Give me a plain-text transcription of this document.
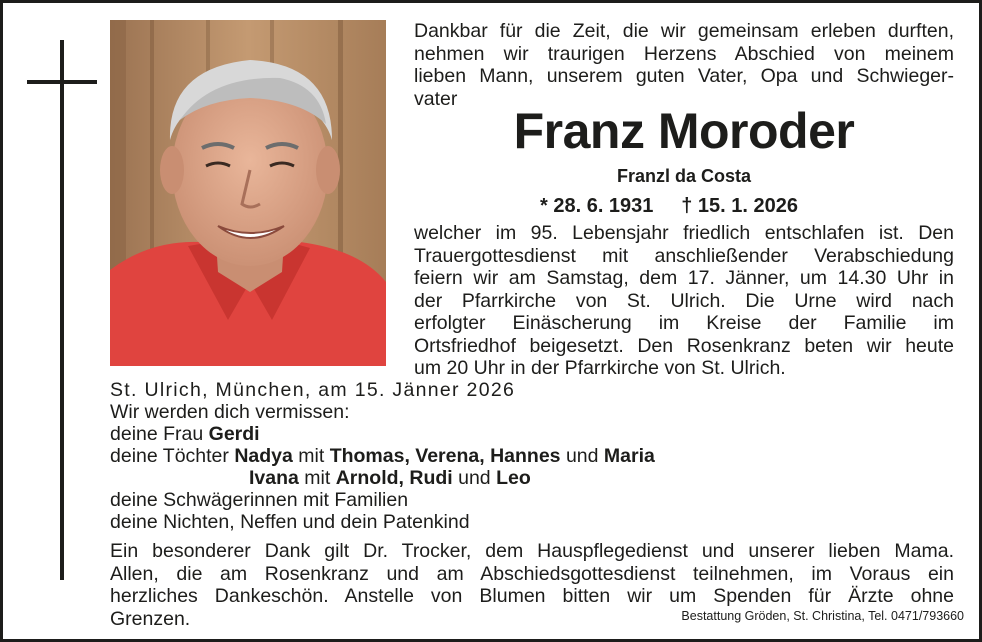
Dankbar für die Zeit, die wir gemeinsam erleben durften,
nehmen wir traurigen Herzens Abschied von meinem
lieben Mann, unserem guten Vater, Opa und Schwieger-
vater
Franz Moroder
Franzl da Costa
* 28. 6. 1931 † 15. 1. 2026
welcher im 95. Lebensjahr friedlich entschlafen ist. Den
Trauergottesdienst mit anschließender Verabschiedung
feiern wir am Samstag, dem 17. Jänner, um 14.30 Uhr in
der Pfarrkirche von St. Ulrich. Die Urne wird nach
erfolgter Einäscherung im Kreise der Familie im
Ortsfriedhof beigesetzt. Den Rosenkranz beten wir heute
um 20 Uhr in der Pfarrkirche von St. Ulrich.
St. Ulrich, München, am 15. Jänner 2026
Wir werden dich vermissen:
deine Frau Gerdi
deine Töchter Nadya mit Thomas, Verena, Hannes und Maria
Ivana mit Arnold, Rudi und Leo
deine Schwägerinnen mit Familien
deine Nichten, Neffen und dein Patenkind
Ein besonderer Dank gilt Dr. Trocker, dem Hauspflegedienst und unserer lieben Mama.
Allen, die am Rosenkranz und am Abschiedsgottesdienst teilnehmen, im Voraus ein
herzliches Dankeschön. Anstelle von Blumen bitten wir um Spenden für Ärzte ohne
Grenzen.	Bestattung Gröden, St. Christina, Tel. 0471/793660
